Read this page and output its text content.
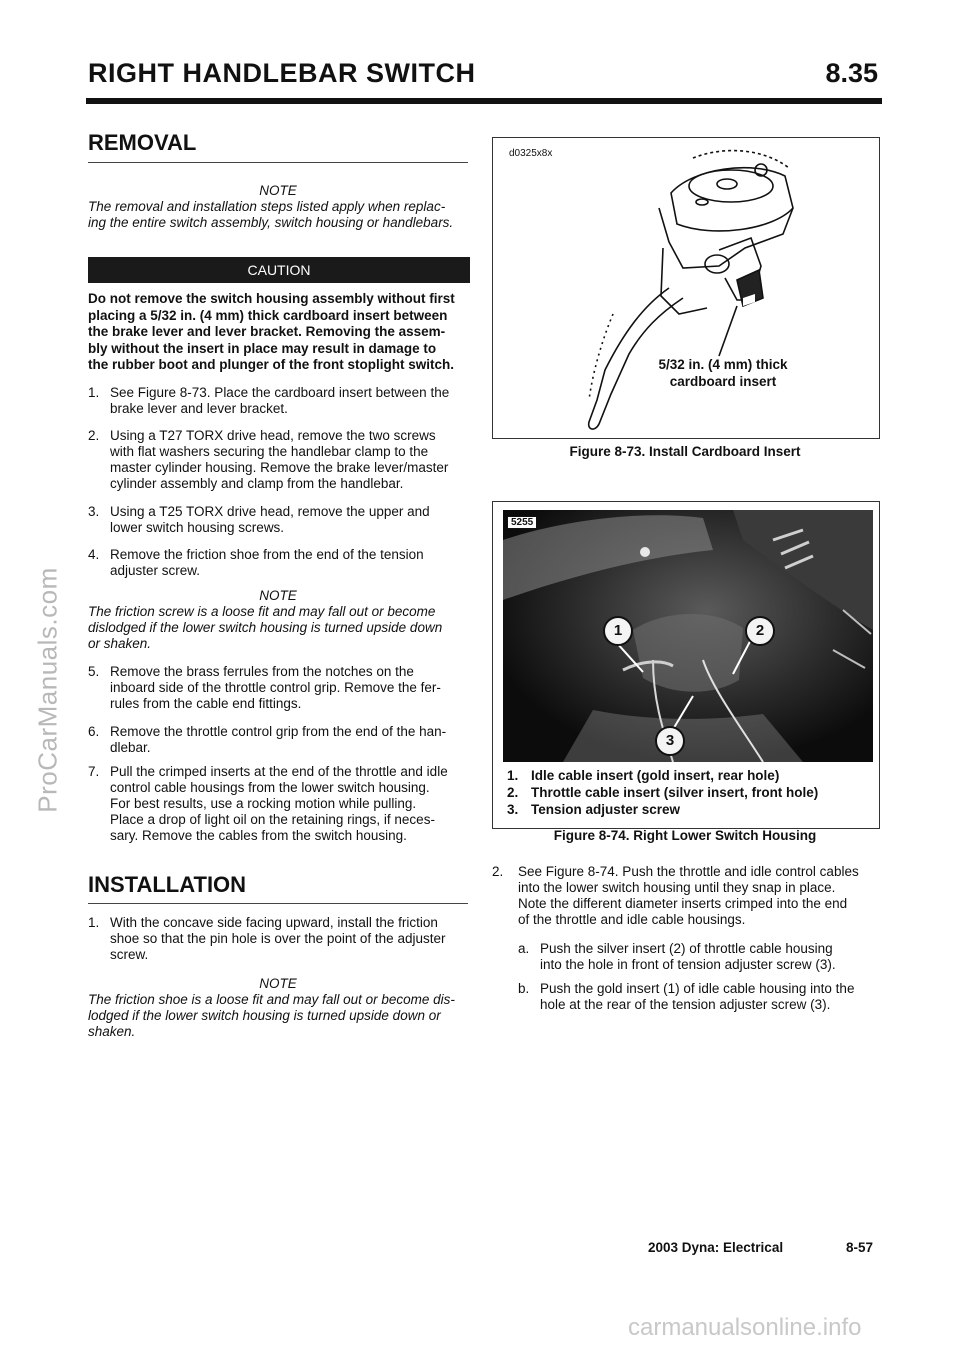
ProCarManuals.com
RIGHT HANDLEBAR SWITCH	8.35
REMOVAL
NOTE
The removal and installation steps listed apply when replac-
ing the entire switch assembly, switch housing or handlebars.
CAUTION
Do not remove the switch housing assembly without first
placing a 5/32 in. (4 mm) thick cardboard insert between
the brake lever and lever bracket. Removing the assem-
bly without the insert in place may result in damage to
the rubber boot and plunger of the front stoplight switch.
1. See Figure 8-73. Place the cardboard insert between the
brake lever and lever bracket.
2. Using a T27 TORX drive head, remove the two screws
with flat washers securing the handlebar clamp to the
master cylinder housing. Remove the brake lever/master
cylinder assembly and clamp from the handlebar.
3. Using a T25 TORX drive head, remove the upper and
lower switch housing screws.
4. Remove the friction shoe from the end of the tension
adjuster screw.
NOTE
The friction screw is a loose fit and may fall out or become
dislodged if the lower switch housing is turned upside down
or shaken.
5. Remove the brass ferrules from the notches on the
inboard side of the throttle control grip. Remove the fer-
rules from the cable end fittings.
6. Remove the throttle control grip from the end of the han-
dlebar.
7. Pull the crimped inserts at the end of the throttle and idle
control cable housings from the lower switch housing.
For best results, use a rocking motion while pulling.
Place a drop of light oil on the retaining rings, if neces-
sary. Remove the cables from the switch housing.
INSTALLATION
1. With the concave side facing upward, install the friction
shoe so that the pin hole is over the point of the adjuster
screw.
NOTE
The friction shoe is a loose fit and may fall out or become dis-
lodged if the lower switch housing is turned upside down or
shaken.
d0325x8x
5/32 in. (4 mm) thick
cardboard insert
Figure 8-73. Install Cardboard Insert
1	2
3
5255
1. Idle cable insert (gold insert, rear hole)
2. Throttle cable insert (silver insert, front hole)
3. Tension adjuster screw
Figure 8-74. Right Lower Switch Housing
2. See Figure 8-74. Push the throttle and idle control cables
into the lower switch housing until they snap in place.
Note the different diameter inserts crimped into the end
of the throttle and idle cable housings.
a. Push the silver insert (2) of throttle cable housing
into the hole in front of tension adjuster screw (3).
b. Push the gold insert (1) of idle cable housing into the
hole at the rear of the tension adjuster screw (3).
2003 Dyna: Electrical	8-57
carmanualsonline.info
